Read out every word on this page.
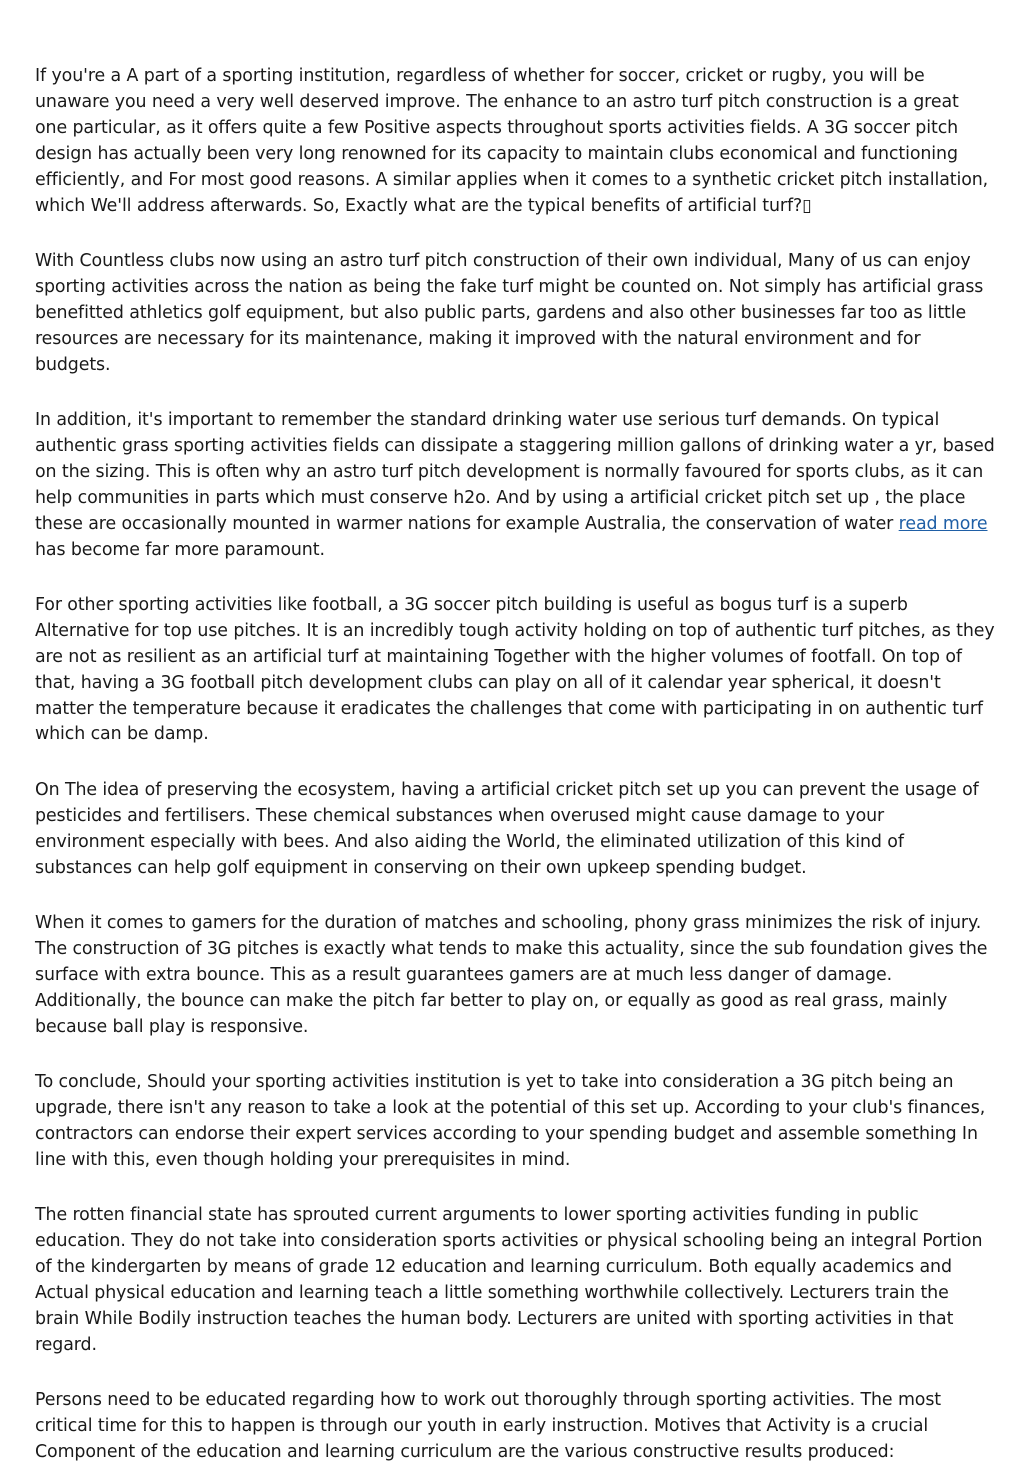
If you're a A part of a sporting institution, regardless of whether for soccer, cricket or rugby, you will be unaware you need a very well deserved improve. The enhance to an astro turf pitch construction is a great one particular, as it offers quite a few Positive aspects throughout sports activities fields. A 3G soccer pitch design has actually been very long renowned for its capacity to maintain clubs economical and functioning efficiently, and For most good reasons. A similar applies when it comes to a synthetic cricket pitch installation, which We'll address afterwards. So, Exactly what are the typical benefits of artificial turf?▯

With Countless clubs now using an astro turf pitch construction of their own individual, Many of us can enjoy sporting activities across the nation as being the fake turf might be counted on. Not simply has artificial grass benefitted athletics golf equipment, but also public parts, gardens and also other businesses far too as little resources are necessary for its maintenance, making it improved with the natural environment and for budgets.

In addition, it's important to remember the standard drinking water use serious turf demands. On typical authentic grass sporting activities fields can dissipate a staggering million gallons of drinking water a yr, based on the sizing. This is often why an astro turf pitch development is normally favoured for sports clubs, as it can help communities in parts which must conserve h2o. And by using a artificial cricket pitch set up , the place these are occasionally mounted in warmer nations for example Australia, the conservation of water read more has become far more paramount.

For other sporting activities like football, a 3G soccer pitch building is useful as bogus turf is a superb Alternative for top use pitches. It is an incredibly tough activity holding on top of authentic turf pitches, as they are not as resilient as an artificial turf at maintaining Together with the higher volumes of footfall. On top of that, having a 3G football pitch development clubs can play on all of it calendar year spherical, it doesn't matter the temperature because it eradicates the challenges that come with participating in on authentic turf which can be damp.

On The idea of preserving the ecosystem, having a artificial cricket pitch set up you can prevent the usage of pesticides and fertilisers. These chemical substances when overused might cause damage to your environment especially with bees. And also aiding the World, the eliminated utilization of this kind of substances can help golf equipment in conserving on their own upkeep spending budget.

When it comes to gamers for the duration of matches and schooling, phony grass minimizes the risk of injury. The construction of 3G pitches is exactly what tends to make this actuality, since the sub foundation gives the surface with extra bounce. This as a result guarantees gamers are at much less danger of damage. Additionally, the bounce can make the pitch far better to play on, or equally as good as real grass, mainly because ball play is responsive.

To conclude, Should your sporting activities institution is yet to take into consideration a 3G pitch being an upgrade, there isn't any reason to take a look at the potential of this set up. According to your club's finances, contractors can endorse their expert services according to your spending budget and assemble something In line with this, even though holding your prerequisites in mind.

The rotten financial state has sprouted current arguments to lower sporting activities funding in public education. They do not take into consideration sports activities or physical schooling being an integral Portion of the kindergarten by means of grade 12 education and learning curriculum. Both equally academics and Actual physical education and learning teach a little something worthwhile collectively. Lecturers train the brain While Bodily instruction teaches the human body. Lecturers are united with sporting activities in that regard.

Persons need to be educated regarding how to work out thoroughly through sporting activities. The most critical time for this to happen is through our youth in early instruction. Motives that Activity is a crucial Component of the education and learning curriculum are the various constructive results produced:
